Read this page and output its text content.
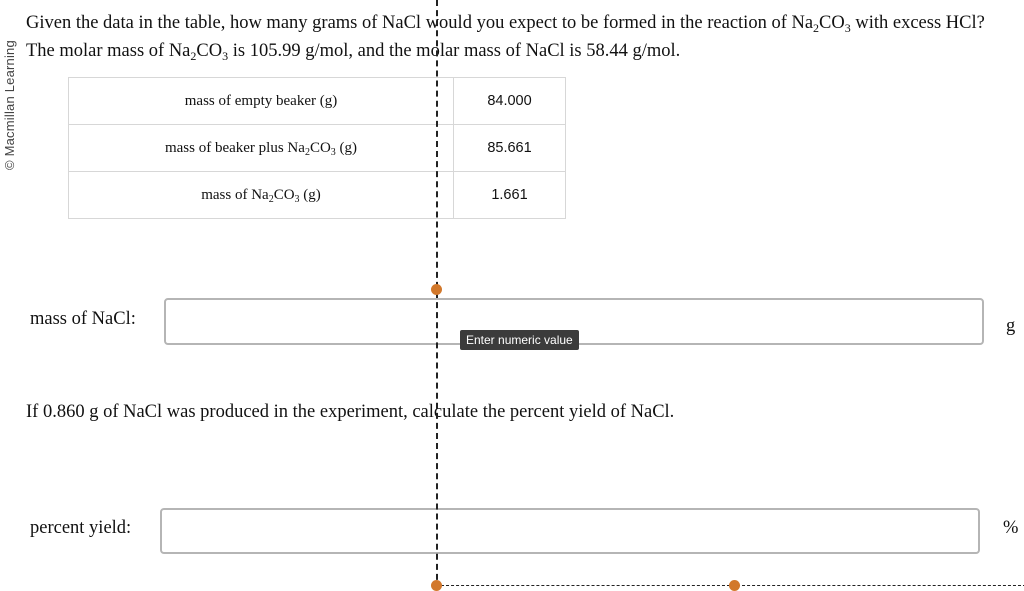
© Macmillan Learning
Given the data in the table, how many grams of NaCl would you expect to be formed in the reaction of $Na_2CO_3$ with excess HCl? The molar mass of $Na_2CO_3$ is 105.99 g/mol, and the molar mass of NaCl is 58.44 g/mol.
mass of empty beaker (g)	84.000
mass of beaker plus $Na_2CO_3$ (g)	85.661
mass of $Na_2CO_3$ (g)	1.661
mass of NaCl:	g
If 0.860 g of NaCl was produced in the experiment, calculate the percent yield of NaCl.
percent yield:	%
Enter numeric value
